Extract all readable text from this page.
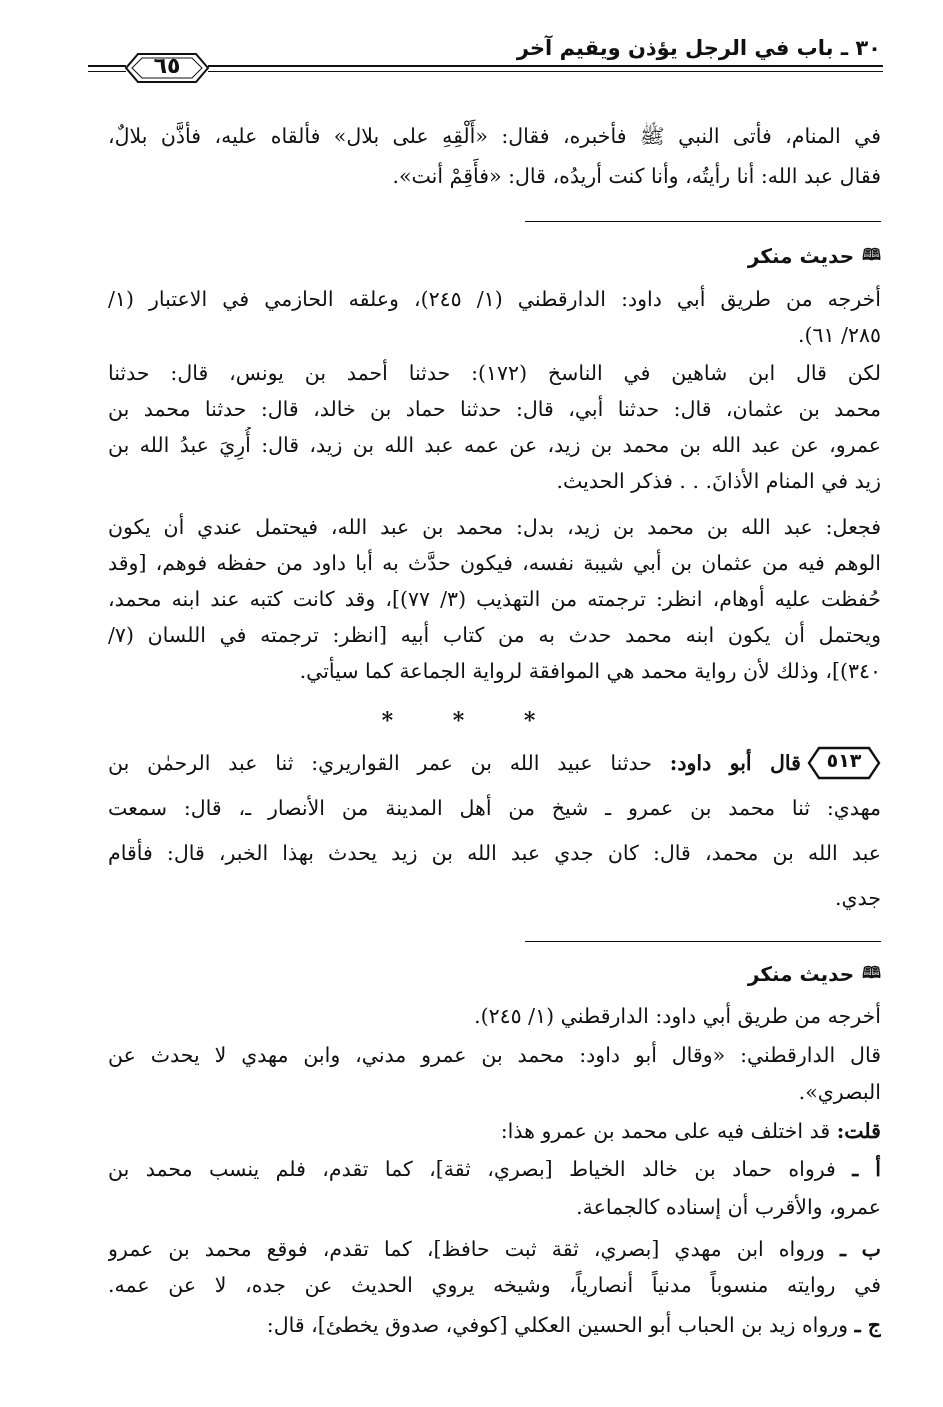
٣٠ ـ باب في الرجل يؤذن ويقيم آخر
٦٥
في المنام، فأتى النبي ﷺ فأخبره، فقال: «أَلْقِهِ على بلال» فألقاه عليه، فأذَّن بلالٌ،
فقال عبد الله: أنا رأيتُه، وأنا كنت أريدُه، قال: «فأَقِمْ أنت».
🕮حديث منكر
أخرجه من طريق أبي داود: الدارقطني (١/ ٢٤٥)، وعلقه الحازمي في الاعتبار (١/
٢٨٥/ ٦١).
لكن قال ابن شاهين في الناسخ (١٧٢): حدثنا أحمد بن يونس، قال: حدثنا
محمد بن عثمان، قال: حدثنا أبي، قال: حدثنا حماد بن خالد، قال: حدثنا محمد بن
عمرو، عن عبد الله بن محمد بن زيد، عن عمه عبد الله بن زيد، قال: أُرِيَ عبدُ الله بن
زيد في المنام الأذانَ. . . فذكر الحديث.
فجعل: عبد الله بن محمد بن زيد، بدل: محمد بن عبد الله، فيحتمل عندي أن يكون
الوهم فيه من عثمان بن أبي شيبة نفسه، فيكون حدَّث به أبا داود من حفظه فوهم، [وقد
حُفظت عليه أوهام، انظر: ترجمته من التهذيب (٣/ ٧٧)]، وقد كانت كتبه عند ابنه محمد،
ويحتمل أن يكون ابنه محمد حدث به من كتاب أبيه [انظر: ترجمته في اللسان (٧/
٣٤٠)]، وذلك لأن رواية محمد هي الموافقة لرواية الجماعة كما سيأتي.
* * *
٥١٣
قال أبو داود: حدثنا عبيد الله بن عمر القواريري: ثنا عبد الرحمٰن بن
مهدي: ثنا محمد بن عمرو ـ شيخ من أهل المدينة من الأنصار ـ، قال: سمعت
عبد الله بن محمد، قال: كان جدي عبد الله بن زيد يحدث بهذا الخبر، قال: فأقام
جدي.
🕮حديث منكر
أخرجه من طريق أبي داود: الدارقطني (١/ ٢٤٥).
قال الدارقطني: «وقال أبو داود: محمد بن عمرو مدني، وابن مهدي لا يحدث عن
البصري».
قلت: قد اختلف فيه على محمد بن عمرو هذا:
أ ـ فرواه حماد بن خالد الخياط [بصري، ثقة]، كما تقدم، فلم ينسب محمد بن
عمرو، والأقرب أن إسناده كالجماعة.
ب ـ ورواه ابن مهدي [بصري، ثقة ثبت حافظ]، كما تقدم، فوقع محمد بن عمرو
في روايته منسوباً مدنياً أنصارياً، وشيخه يروي الحديث عن جده، لا عن عمه.
ج ـ ورواه زيد بن الحباب أبو الحسين العكلي [كوفي، صدوق يخطئ]، قال:
